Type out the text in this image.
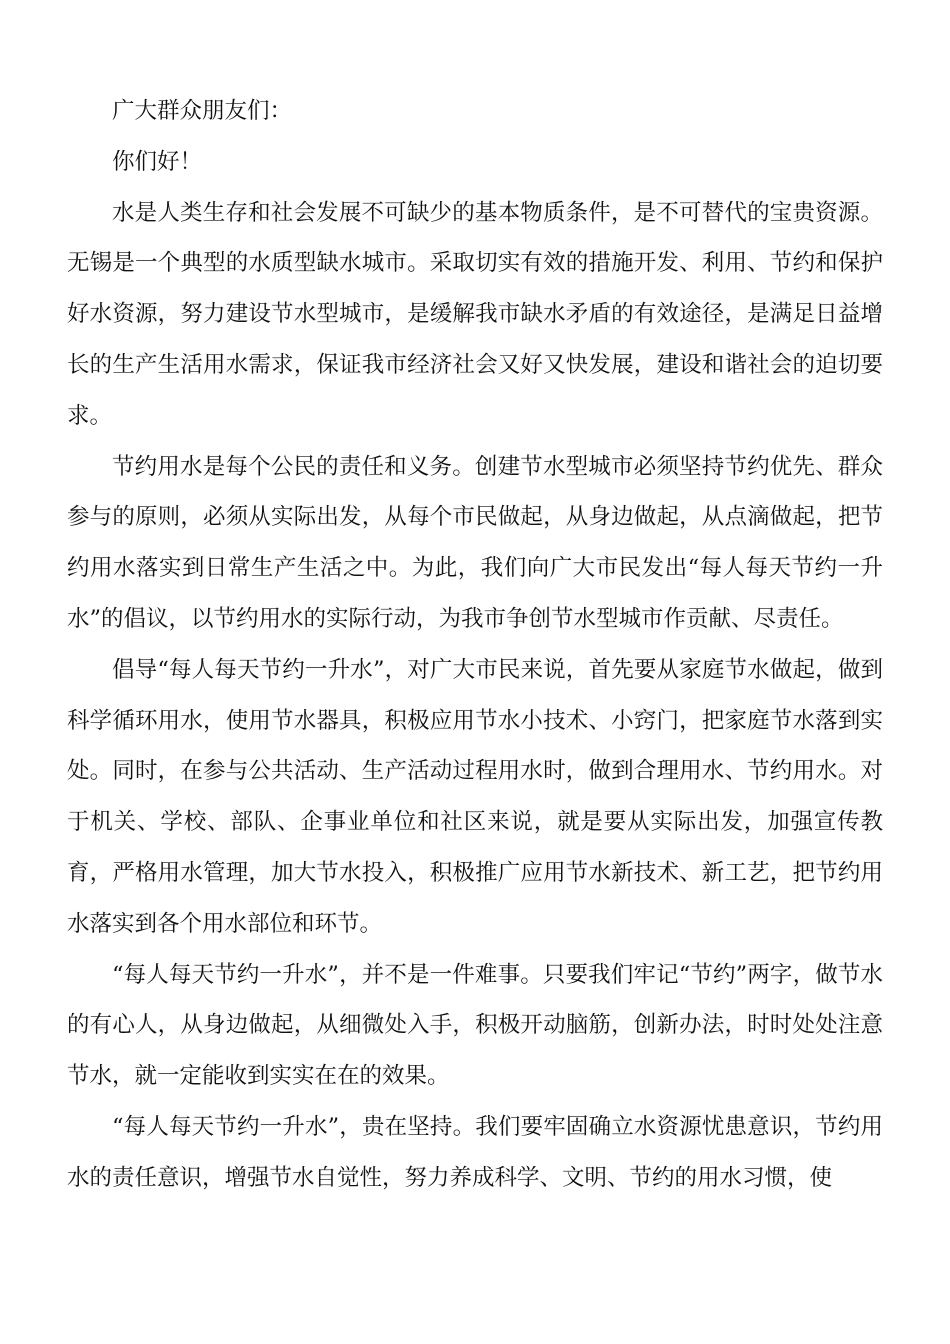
广大群众朋友们：

你们好！

水是人类生存和社会发展不可缺少的基本物质条件，是不可替代的宝贵资源。无锡是一个典型的水质型缺水城市。采取切实有效的措施开发、利用、节约和保护好水资源，努力建设节水型城市，是缓解我市缺水矛盾的有效途径，是满足日益增长的生产生活用水需求，保证我市经济社会又好又快发展，建设和谐社会的迫切要求。

节约用水是每个公民的责任和义务。创建节水型城市必须坚持节约优先、群众参与的原则，必须从实际出发，从每个市民做起，从身边做起，从点滴做起，把节约用水落实到日常生产生活之中。为此，我们向广大市民发出“每人每天节约一升水”的倡议，以节约用水的实际行动，为我市争创节水型城市作贡献、尽责任。

倡导“每人每天节约一升水”，对广大市民来说，首先要从家庭节水做起，做到科学循环用水，使用节水器具，积极应用节水小技术、小窍门，把家庭节水落到实处。同时，在参与公共活动、生产活动过程用水时，做到合理用水、节约用水。对于机关、学校、部队、企事业单位和社区来说，就是要从实际出发，加强宣传教育，严格用水管理，加大节水投入，积极推广应用节水新技术、新工艺，把节约用水落实到各个用水部位和环节。

“每人每天节约一升水”，并不是一件难事。只要我们牢记“节约”两字，做节水的有心人，从身边做起，从细微处入手，积极开动脑筋，创新办法，时时处处注意节水，就一定能收到实实在在的效果。

“每人每天节约一升水”，贵在坚持。我们要牢固确立水资源忧患意识，节约用水的责任意识，增强节水自觉性，努力养成科学、文明、节约的用水习惯，使
